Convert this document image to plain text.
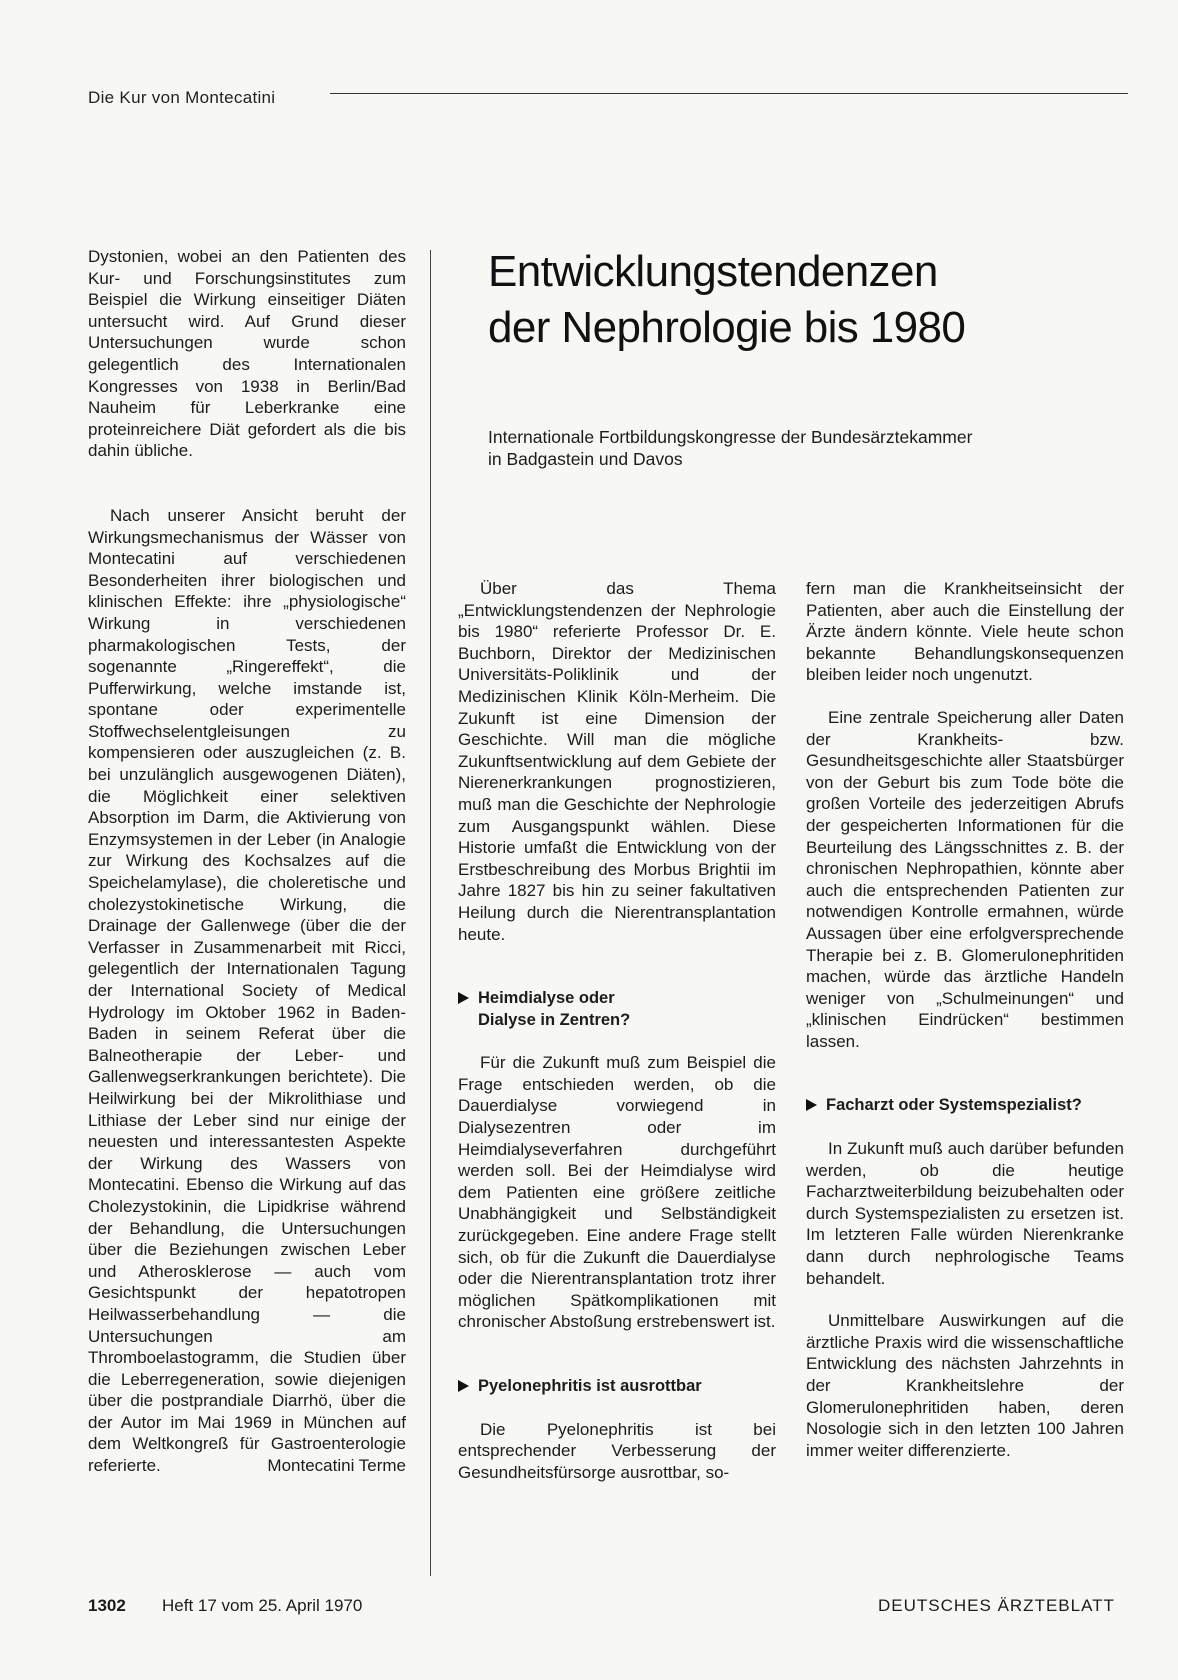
Die Kur von Montecatini

Dystonien, wobei an den Patienten des Kur- und Forschungsinstitutes zum Beispiel die Wirkung einseitiger Diäten untersucht wird. Auf Grund dieser Untersuchungen wurde schon gelegentlich des Internationalen Kongresses von 1938 in Berlin/Bad Nauheim für Leberkranke eine proteinreichere Diät gefordert als die bis dahin übliche.

Nach unserer Ansicht beruht der Wirkungsmechanismus der Wässer von Montecatini auf verschiedenen Besonderheiten ihrer biologischen und klinischen Effekte: ihre „physiologische“ Wirkung in verschiedenen pharmakologischen Tests, der sogenannte „Ringereffekt“, die Pufferwirkung, welche imstande ist, spontane oder experimentelle Stoffwechselentgleisungen zu kompensieren oder auszugleichen (z. B. bei unzulänglich ausgewogenen Diäten), die Möglichkeit einer selektiven Absorption im Darm, die Aktivierung von Enzymsystemen in der Leber (in Analogie zur Wirkung des Kochsalzes auf die Speichelamylase), die choleretische und cholezystokinetische Wirkung, die Drainage der Gallenwege (über die der Verfasser in Zusammenarbeit mit Ricci, gelegentlich der Internationalen Tagung der International Society of Medical Hydrology im Oktober 1962 in Baden-Baden in seinem Referat über die Balneotherapie der Leber- und Gallenwegserkrankungen berichtete). Die Heilwirkung bei der Mikrolithiase und Lithiase der Leber sind nur einige der neuesten und interessantesten Aspekte der Wirkung des Wassers von Montecatini. Ebenso die Wirkung auf das Cholezystokinin, die Lipidkrise während der Behandlung, die Untersuchungen über die Beziehungen zwischen Leber und Atherosklerose — auch vom Gesichtspunkt der hepatotropen Heilwasserbehandlung — die Untersuchungen am Thromboelastogramm, die Studien über die Leberregeneration, sowie diejenigen über die postprandiale Diarrhö, über die der Autor im Mai 1969 in München auf dem Weltkongreß für Gastroenterologie referierte.	Montecatini Terme

Entwicklungstendenzen
der Nephrologie bis 1980
Internationale Fortbildungskongresse der Bundesärztekammer
in Badgastein und Davos

Über das Thema „Entwicklungstendenzen der Nephrologie bis 1980“ referierte Professor Dr. E. Buchborn, Direktor der Medizinischen Universitäts-Poliklinik und der Medizinischen Klinik Köln-Merheim. Die Zukunft ist eine Dimension der Geschichte. Will man die mögliche Zukunftsentwicklung auf dem Gebiete der Nierenerkrankungen prognostizieren, muß man die Geschichte der Nephrologie zum Ausgangspunkt wählen. Diese Historie umfaßt die Entwicklung von der Erstbeschreibung des Morbus Brightii im Jahre 1827 bis hin zu seiner fakultativen Heilung durch die Nierentransplantation heute.

Heimdialyse oder
Dialyse in Zentren?

Für die Zukunft muß zum Beispiel die Frage entschieden werden, ob die Dauerdialyse vorwiegend in Dialysezentren oder im Heimdialyseverfahren durchgeführt werden soll. Bei der Heimdialyse wird dem Patienten eine größere zeitliche Unabhängigkeit und Selbständigkeit zurückgegeben. Eine andere Frage stellt sich, ob für die Zukunft die Dauerdialyse oder die Nierentransplantation trotz ihrer möglichen Spätkomplikationen mit chronischer Abstoßung erstrebenswert ist.

Pyelonephritis ist ausrottbar

Die Pyelonephritis ist bei entsprechender Verbesserung der Gesundheitsfürsorge ausrottbar, so-

fern man die Krankheitseinsicht der Patienten, aber auch die Einstellung der Ärzte ändern könnte. Viele heute schon bekannte Behandlungskonsequenzen bleiben leider noch ungenutzt.

Eine zentrale Speicherung aller Daten der Krankheits- bzw. Gesundheitsgeschichte aller Staatsbürger von der Geburt bis zum Tode böte die großen Vorteile des jederzeitigen Abrufs der gespeicherten Informationen für die Beurteilung des Längsschnittes z. B. der chronischen Nephropathien, könnte aber auch die entsprechenden Patienten zur notwendigen Kontrolle ermahnen, würde Aussagen über eine erfolgversprechende Therapie bei z. B. Glomerulonephritiden machen, würde das ärztliche Handeln weniger von „Schulmeinungen“ und „klinischen Eindrücken“ bestimmen lassen.

Facharzt oder Systemspezialist?

In Zukunft muß auch darüber befunden werden, ob die heutige Facharztweiterbildung beizubehalten oder durch Systemspezialisten zu ersetzen ist. Im letzteren Falle würden Nierenkranke dann durch nephrologische Teams behandelt.

Unmittelbare Auswirkungen auf die ärztliche Praxis wird die wissenschaftliche Entwicklung des nächsten Jahrzehnts in der Krankheitslehre der Glomerulonephritiden haben, deren Nosologie sich in den letzten 100 Jahren immer weiter differenzierte.

1302 Heft 17 vom 25. April 1970	DEUTSCHES ÄRZTEBLATT
